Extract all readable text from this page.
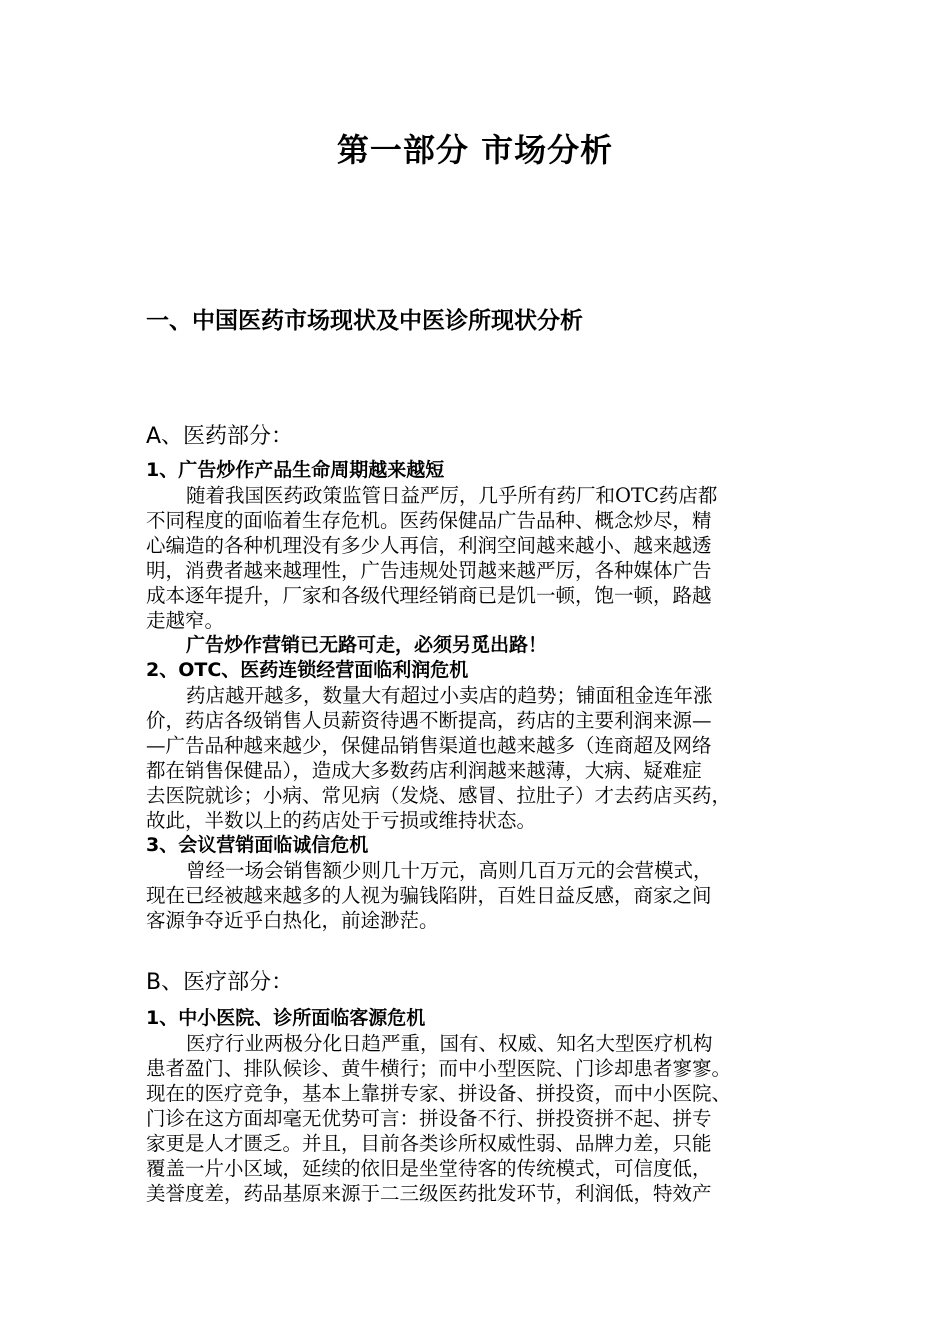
第一部分 市场分析
一、中国医药市场现状及中医诊所现状分析
A、医药部分：
1、广告炒作产品生命周期越来越短
随着我国医药政策监管日益严厉，几乎所有药厂和OTC药店都
不同程度的面临着生存危机。医药保健品广告品种、概念炒尽，精
心编造的各种机理没有多少人再信，利润空间越来越小、越来越透
明，消费者越来越理性，广告违规处罚越来越严厉，各种媒体广告
成本逐年提升，厂家和各级代理经销商已是饥一顿，饱一顿，路越
走越窄。
广告炒作营销已无路可走，必须另觅出路！
2、OTC、医药连锁经营面临利润危机
药店越开越多，数量大有超过小卖店的趋势；铺面租金连年涨
价，药店各级销售人员薪资待遇不断提高，药店的主要利润来源—
—广告品种越来越少，保健品销售渠道也越来越多（连商超及网络
都在销售保健品），造成大多数药店利润越来越薄，大病、疑难症
去医院就诊；小病、常见病（发烧、感冒、拉肚子）才去药店买药，
故此，半数以上的药店处于亏损或维持状态。
3、会议营销面临诚信危机
曾经一场会销售额少则几十万元，高则几百万元的会营模式，
现在已经被越来越多的人视为骗钱陷阱，百姓日益反感，商家之间
客源争夺近乎白热化，前途渺茫。
B、医疗部分：
1、中小医院、诊所面临客源危机
医疗行业两极分化日趋严重，国有、权威、知名大型医疗机构
患者盈门、排队候诊、黄牛横行；而中小型医院、门诊却患者寥寥。
现在的医疗竞争，基本上靠拼专家、拼设备、拼投资，而中小医院、
门诊在这方面却毫无优势可言：拼设备不行、拼投资拼不起、拼专
家更是人才匮乏。并且，目前各类诊所权威性弱、品牌力差，只能
覆盖一片小区域，延续的依旧是坐堂待客的传统模式，可信度低，
美誉度差，药品基原来源于二三级医药批发环节，利润低，特效产
